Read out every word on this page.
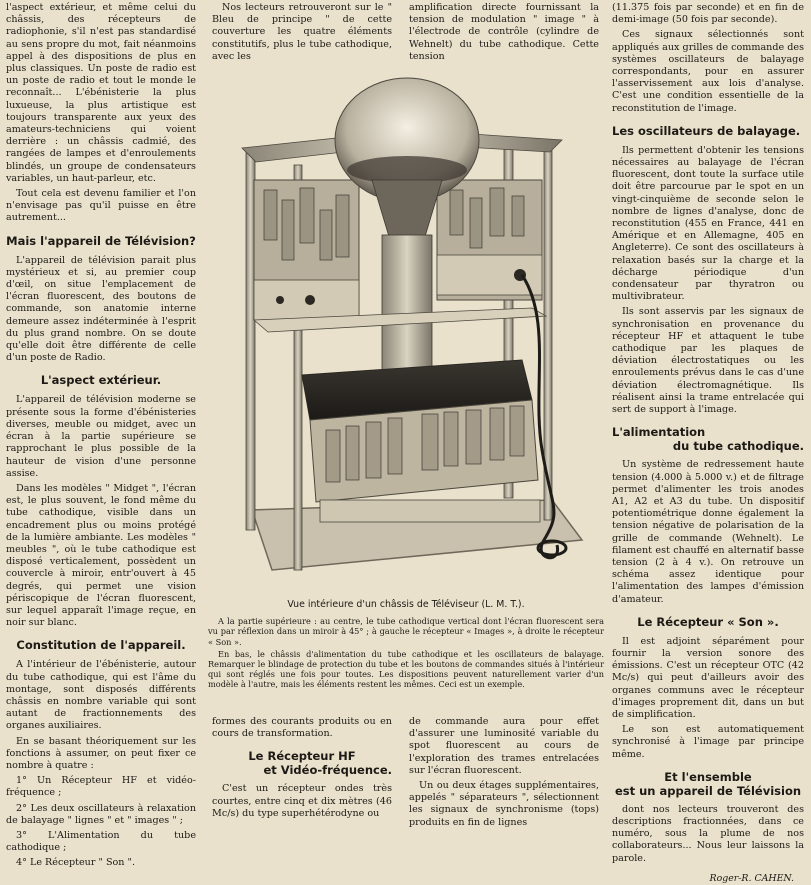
l'aspect extérieur, et même celui du châssis, des récepteurs de radiophonie, s'il n'est pas standardisé au sens propre du mot, fait néanmoins appel à des dispositions de plus en plus classiques. Un poste de radio est un poste de radio et tout le monde le reconnaît... L'ébénisterie la plus luxueuse, la plus artistique est toujours transparente aux yeux des amateurs-techniciens qui voient derrière : un châssis cadmié, des rangées de lampes et d'enroulements blindés, un groupe de condensateurs variables, un haut-parleur, etc.

Tout cela est devenu familier et l'on n'envisage pas qu'il puisse en être autrement...

Mais l'appareil de Télévision?

L'appareil de télévision parait plus mystérieux et si, au premier coup d'œil, on situe l'emplacement de l'écran fluorescent, des boutons de commande, son anatomie interne demeure assez indéterminée à l'esprit du plus grand nombre. On se doute qu'elle doit être différente de celle d'un poste de Radio.

L'aspect extérieur.

L'appareil de télévision moderne se présente sous la forme d'ébénisteries diverses, meuble ou midget, avec un écran à la partie supérieure se rapprochant le plus possible de la hauteur de vision d'une personne assise.

Dans les modèles " Midget ", l'écran est, le plus souvent, le fond même du tube cathodique, visible dans un encadrement plus ou moins protégé de la lumière ambiante. Les modèles " meubles ", où le tube cathodique est disposé verticalement, possèdent un couvercle à miroir, entr'ouvert à 45 degrés, qui permet une vision périscopique de l'écran fluorescent, sur lequel apparaît l'image reçue, en noir sur blanc.

Constitution de l'appareil.

A l'intérieur de l'ébénisterie, autour du tube cathodique, qui est l'âme du montage, sont disposés différents châssis en nombre variable qui sont autant de fractionnements des organes auxiliaires.

En se basant théoriquement sur les fonctions à assumer, on peut fixer ce nombre à quatre :

1° Un Récepteur HF et vidéo-fréquence ;

2° Les deux oscillateurs à relaxation de balayage " lignes " et " images " ;

3° L'Alimentation du tube cathodique ;

4° Le Récepteur " Son ".

Nos lecteurs retrouveront sur le " Bleu de principe " de cette couverture les quatre éléments constitutifs, plus le tube cathodique, avec les

amplification directe fournissant la tension de modulation " image " à l'électrode de contrôle (cylindre de Wehnelt) du tube cathodique. Cette tension

Vue intérieure d'un châssis de Téléviseur (L. M. T.).

A la partie supérieure : au centre, le tube cathodique vertical dont l'écran fluorescent sera vu par réflexion dans un miroir à 45° ; à gauche le récepteur « Images », à droite le récepteur « Son ».

En bas, le châssis d'alimentation du tube cathodique et les oscillateurs de balayage. Remarquer le blindage de protection du tube et les boutons de commandes situés à l'intérieur qui sont réglés une fois pour toutes. Les dispositions peuvent naturellement varier d'un modèle à l'autre, mais les éléments restent les mêmes. Ceci est un exemple.

formes des courants produits ou en cours de transformation.

Le Récepteur HF
et Vidéo-fréquence.

C'est un récepteur ondes très courtes, entre cinq et dix mètres (46 Mc/s) du type superhétérodyne ou

de commande aura pour effet d'assurer une luminosité variable du spot fluorescent au cours de l'exploration des trames entrelacées sur l'écran fluorescent.

Un ou deux étages supplémentaires, appelés " séparateurs ", sélectionnent les signaux de synchronisme (tops) produits en fin de lignes

(11.375 fois par seconde) et en fin de demi-image (50 fois par seconde).

Ces signaux sélectionnés sont appliqués aux grilles de commande des systèmes oscillateurs de balayage correspondants, pour en assurer l'asservissement aux lois d'analyse. C'est une condition essentielle de la reconstitution de l'image.

Les oscillateurs de balayage.

Ils permettent d'obtenir les tensions nécessaires au balayage de l'écran fluorescent, dont toute la surface utile doit être parcourue par le spot en un vingt-cinquième de seconde selon le nombre de lignes d'analyse, donc de reconstitution (455 en France, 441 en Amérique et en Allemagne, 405 en Angleterre). Ce sont des oscillateurs à relaxation basés sur la charge et la décharge périodique d'un condensateur par thyratron ou multivibrateur.

Ils sont asservis par les signaux de synchronisation en provenance du récepteur HF et attaquent le tube cathodique par les plaques de déviation électrostatiques ou les enroulements prévus dans le cas d'une déviation électromagnétique. Ils réalisent ainsi la trame entrelacée qui sert de support à l'image.

L'alimentation
du tube cathodique.

Un système de redressement haute tension (4.000 à 5.000 v.) et de filtrage permet d'alimenter les trois anodes A1, A2 et A3 du tube. Un dispositif potentiométrique donne également la tension négative de polarisation de la grille de commande (Wehnelt). Le filament est chauffé en alternatif basse tension (2 à 4 v.). On retrouve un schéma assez identique pour l'alimentation des lampes d'émission d'amateur.

Le Récepteur « Son ».

Il est adjoint séparément pour fournir la version sonore des émissions. C'est un récepteur OTC (42 Mc/s) qui peut d'ailleurs avoir des organes communs avec le récepteur d'images proprement dit, dans un but de simplification.

Le son est automatiquement synchronisé à l'image par principe même.

Et l'ensemble
est un appareil de Télévision

dont nos lecteurs trouveront des descriptions fractionnées, dans ce numéro, sous la plume de nos collaborateurs... Nous leur laissons la parole.

Roger-R. CAHEN.
